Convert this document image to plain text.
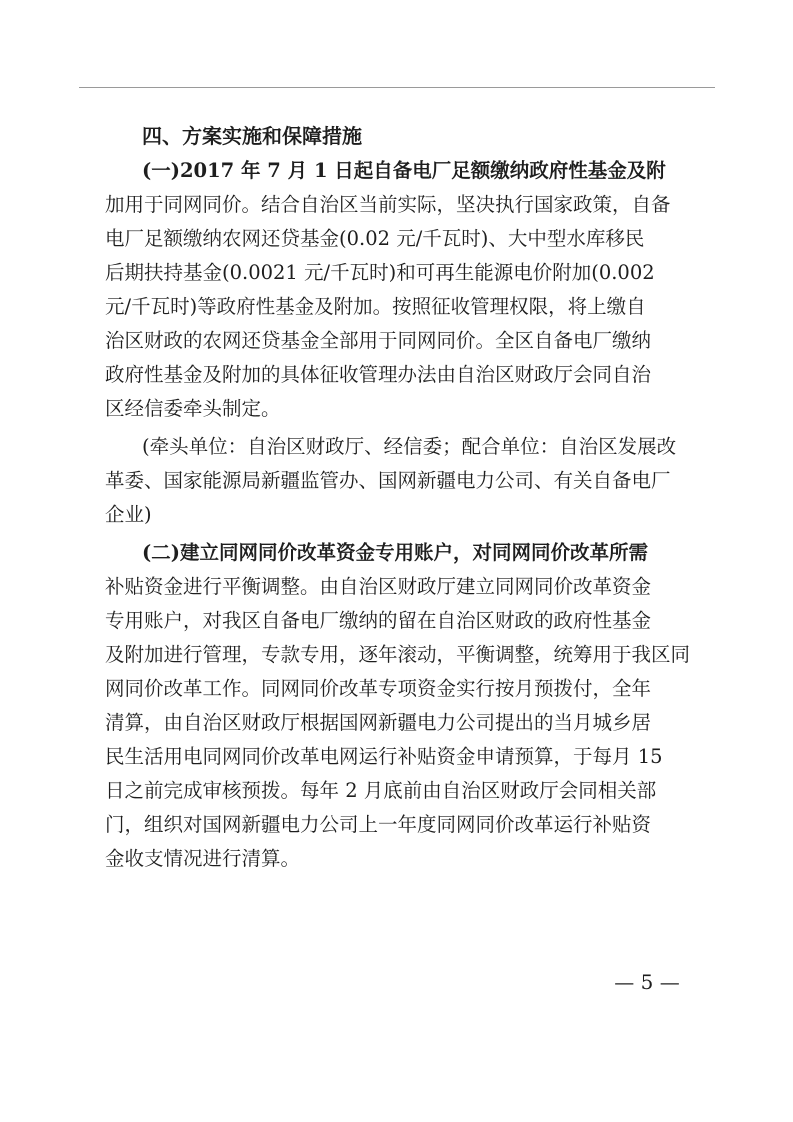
四、方案实施和保障措施
(一)2017 年 7 月 1 日起自备电厂足额缴纳政府性基金及附
加用于同网同价。结合自治区当前实际，坚决执行国家政策，自备
电厂足额缴纳农网还贷基金(0.02 元/千瓦时)、大中型水库移民
后期扶持基金(0.0021 元/千瓦时)和可再生能源电价附加(0.002
元/千瓦时)等政府性基金及附加。按照征收管理权限，将上缴自
治区财政的农网还贷基金全部用于同网同价。全区自备电厂缴纳
政府性基金及附加的具体征收管理办法由自治区财政厅会同自治
区经信委牵头制定。
(牵头单位：自治区财政厅、经信委；配合单位：自治区发展改
革委、国家能源局新疆监管办、国网新疆电力公司、有关自备电厂
企业)
(二)建立同网同价改革资金专用账户，对同网同价改革所需
补贴资金进行平衡调整。由自治区财政厅建立同网同价改革资金
专用账户，对我区自备电厂缴纳的留在自治区财政的政府性基金
及附加进行管理，专款专用，逐年滚动，平衡调整，统筹用于我区同
网同价改革工作。同网同价改革专项资金实行按月预拨付，全年
清算，由自治区财政厅根据国网新疆电力公司提出的当月城乡居
民生活用电同网同价改革电网运行补贴资金申请预算，于每月 15
日之前完成审核预拨。每年 2 月底前由自治区财政厅会同相关部
门，组织对国网新疆电力公司上一年度同网同价改革运行补贴资
金收支情况进行清算。
— 5 —
